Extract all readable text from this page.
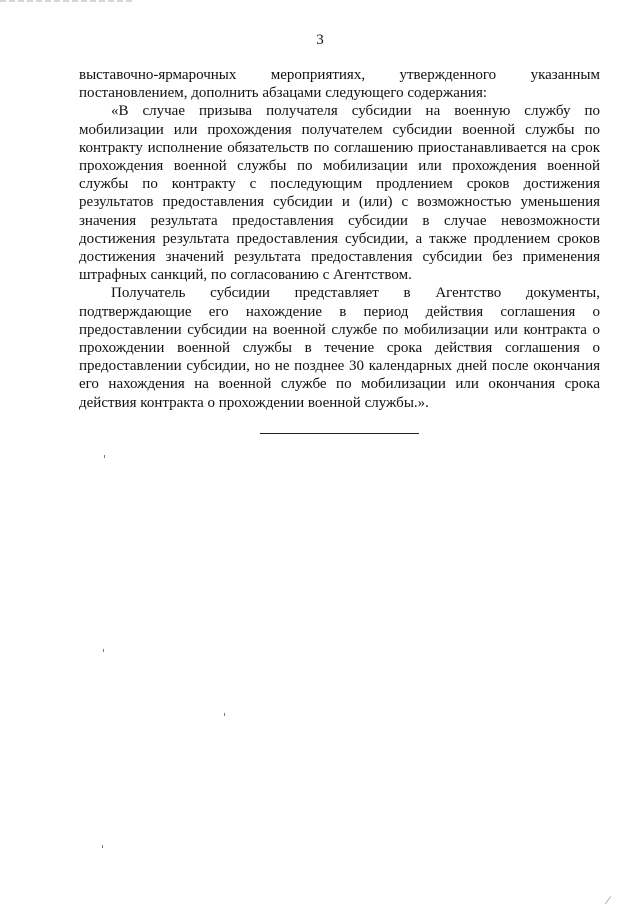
3

выставочно-ярмарочных мероприятиях, утвержденного указанным постановлением, дополнить абзацами следующего содержания:

«В случае призыва получателя субсидии на военную службу по мобилизации или прохождения получателем субсидии военной службы по контракту исполнение обязательств по соглашению приостанавливается на срок прохождения военной службы по мобилизации или прохождения военной службы по контракту с последующим продлением сроков достижения результатов предоставления субсидии и (или) с возможностью уменьшения значения результата предоставления субсидии в случае невозможности достижения результата предоставления субсидии, а также продлением сроков достижения значений результата предоставления субсидии без применения штрафных санкций, по согласованию с Агентством.

Получатель субсидии представляет в Агентство документы, подтверждающие его нахождение в период действия соглашения о предоставлении субсидии на военной службе по мобилизации или контракта о прохождении военной службы в течение срока действия соглашения о предоставлении субсидии, но не позднее 30 календарных дней после окончания его нахождения на военной службе по мобилизации или окончания срока действия контракта о прохождении военной службы.».

⁄
